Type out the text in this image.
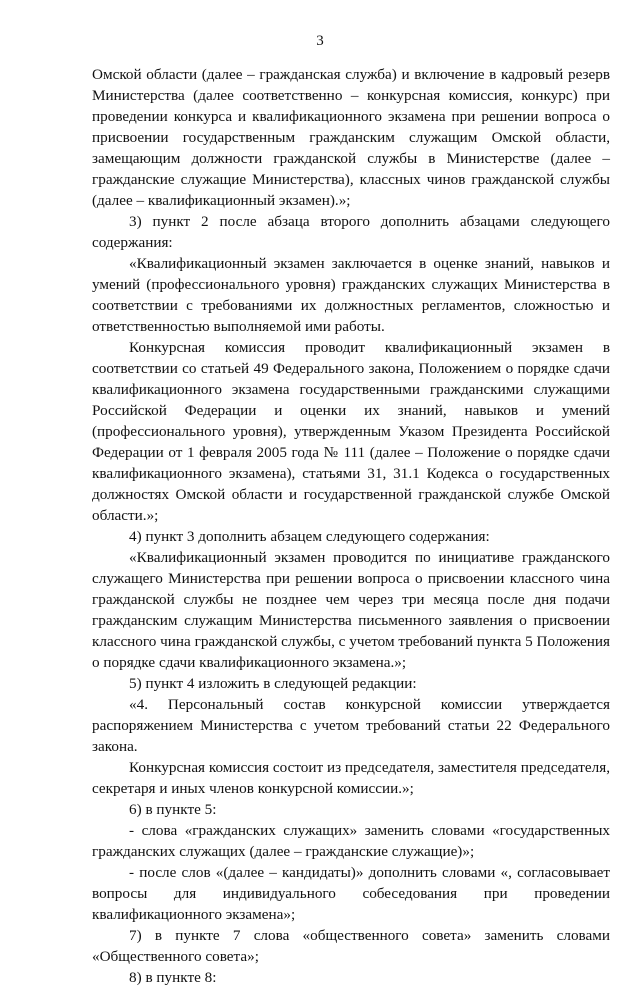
3

Омской области (далее – гражданская служба) и включение в кадровый резерв Министерства (далее соответственно – конкурсная комиссия, конкурс) при проведении конкурса и квалификационного экзамена при решении вопроса о присвоении государственным гражданским служащим Омской области, замещающим должности гражданской службы в Министерстве (далее – гражданские служащие Министерства), классных чинов гражданской службы (далее – квалификационный экзамен).»;

3) пункт 2 после абзаца второго дополнить абзацами следующего содержания:

«Квалификационный экзамен заключается в оценке знаний, навыков и умений (профессионального уровня) гражданских служащих Министерства в соответствии с требованиями их должностных регламентов, сложностью и ответственностью выполняемой ими работы.

Конкурсная комиссия проводит квалификационный экзамен в соответствии со статьей 49 Федерального закона, Положением о порядке сдачи квалификационного экзамена государственными гражданскими служащими Российской Федерации и оценки их знаний, навыков и умений (профессионального уровня), утвержденным Указом Президента Российской Федерации от 1 февраля 2005 года № 111 (далее – Положение о порядке сдачи квалификационного экзамена), статьями 31, 31.1 Кодекса о государственных должностях Омской области и государственной гражданской службе Омской области.»;

4) пункт 3 дополнить абзацем следующего содержания:

«Квалификационный экзамен проводится по инициативе гражданского служащего Министерства при решении вопроса о присвоении классного чина гражданской службы не позднее чем через три месяца после дня подачи гражданским служащим Министерства письменного заявления о присвоении классного чина гражданской службы, с учетом требований пункта 5 Положения о порядке сдачи квалификационного экзамена.»;

5) пункт 4 изложить в следующей редакции:

«4. Персональный состав конкурсной комиссии утверждается распоряжением Министерства с учетом требований статьи 22 Федерального закона.

Конкурсная комиссия состоит из председателя, заместителя председателя, секретаря и иных членов конкурсной комиссии.»;

6) в пункте 5:

- слова «гражданских служащих» заменить словами «государственных гражданских служащих (далее – гражданские служащие)»;

- после слов «(далее – кандидаты)» дополнить словами «, согласовывает вопросы для индивидуального собеседования при проведении квалификационного экзамена»;

7) в пункте 7 слова «общественного совета» заменить словами «Общественного совета»;

8) в пункте 8:
